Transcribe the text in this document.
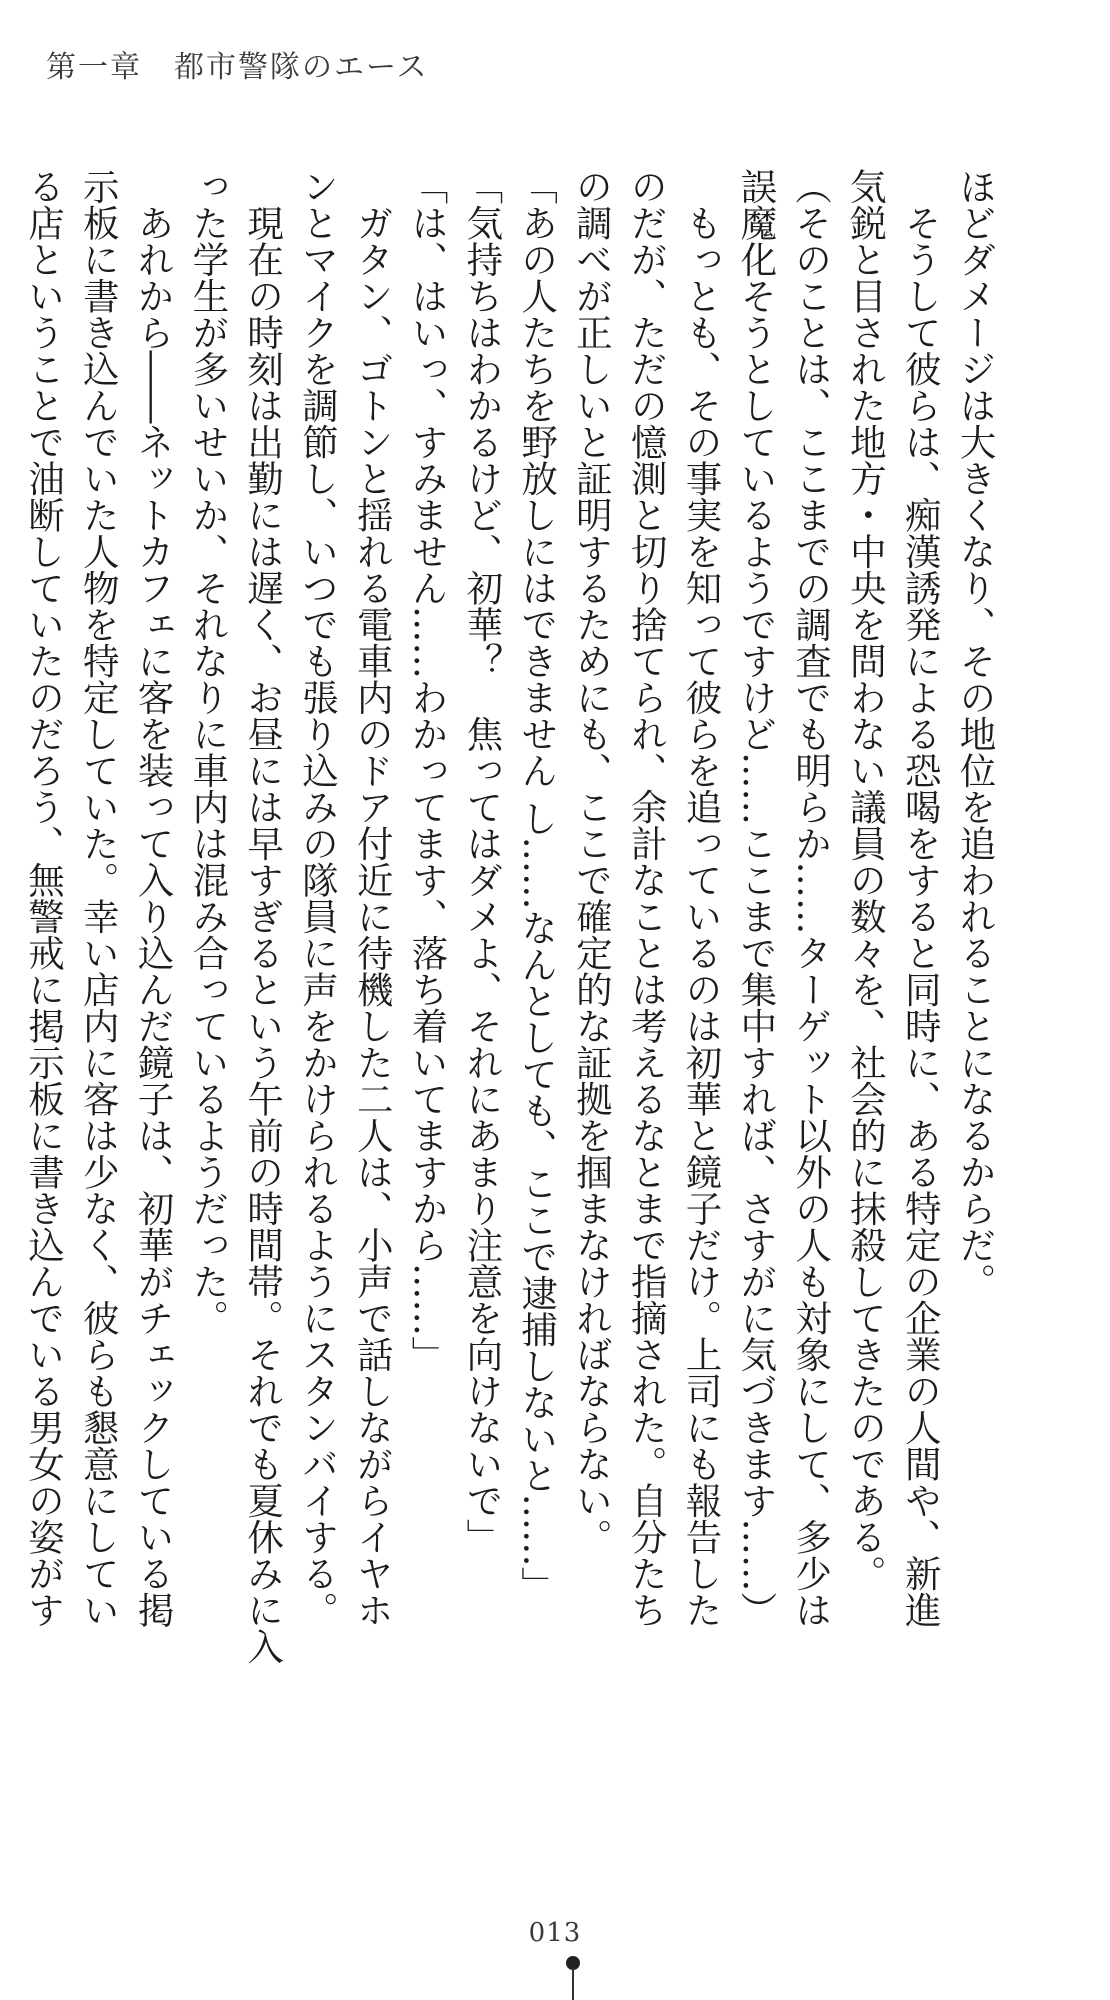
第一章　都市警隊のエース

ほどダメージは大きくなり、その地位を追われることになるからだ。

　そうして彼らは、痴漢誘発による恐喝をすると同時に、ある特定の企業の人間や、新進

気鋭と目された地方・中央を問わない議員の数々を、社会的に抹殺してきたのである。

（そのことは、ここまでの調査でも明らか……ターゲット以外の人も対象にして、多少は

誤魔化そうとしているようですけど……ここまで集中すれば、さすがに気づきます……）

　もっとも、その事実を知って彼らを追っているのは初華と鏡子だけ。上司にも報告した

のだが、ただの憶測と切り捨てられ、余計なことは考えるなとまで指摘された。自分たち

の調べが正しいと証明するためにも、ここで確定的な証拠を掴まなければならない。

「あの人たちを野放しにはできません し……なんとしても、ここで逮捕しないと……」

「気持ちはわかるけど、初華？　焦ってはダメよ、それにあまり注意を向けないで」

「は、はいっ、すみません……わかってます、落ち着いてますから……」

　ガタン、ゴトンと揺れる電車内のドア付近に待機した二人は、小声で話しながらイヤホ

ンとマイクを調節し、いつでも張り込みの隊員に声をかけられるようにスタンバイする。

　現在の時刻は出勤には遅く、お昼には早すぎるという午前の時間帯。それでも夏休みに入

った学生が多いせいか、それなりに車内は混み合っているようだった。

　あれから――ネットカフェに客を装って入り込んだ鏡子は、初華がチェックしている掲

示板に書き込んでいた人物を特定していた。幸い店内に客は少なく、彼らも懇意にしてい

る店ということで油断していたのだろう、無警戒に掲示板に書き込んでいる男女の姿がす

013
